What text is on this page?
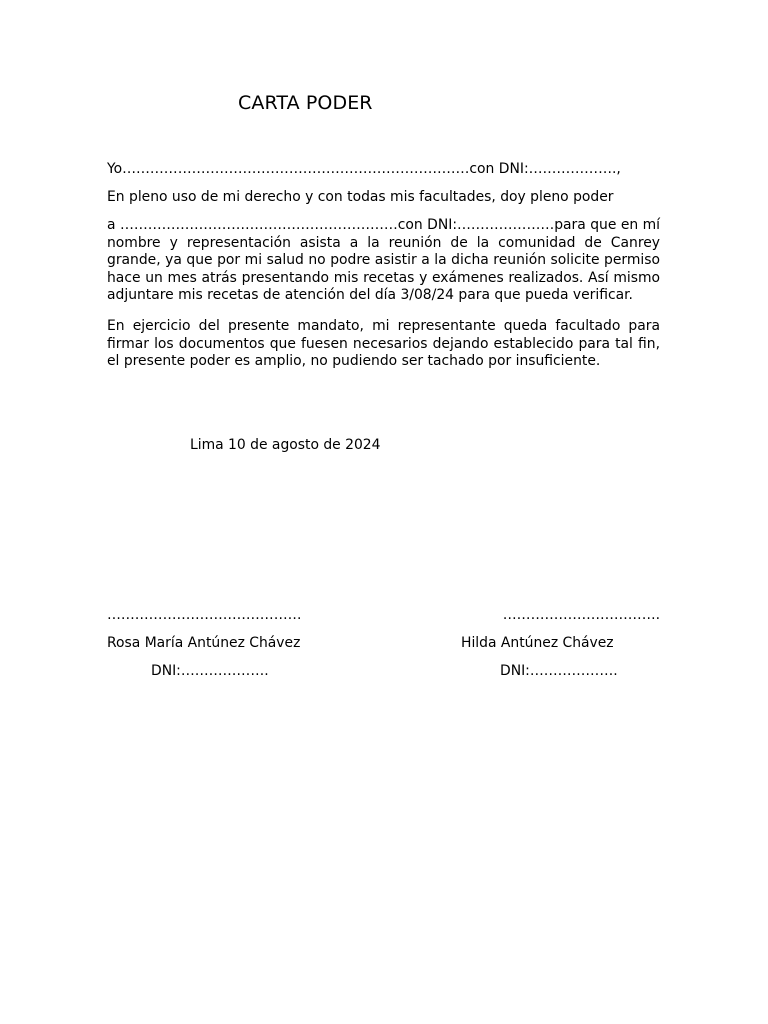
CARTA PODER
Yo…………………………………………………………………con DNI:……………….,
En pleno uso de mi derecho y con todas mis facultades, doy pleno poder
a ……………………………………………………con DNI:…………………para que en mí nombre y representación asista a la reunión de la comunidad de Canrey grande, ya que por mi salud no podre asistir a la dicha reunión solicite permiso hace un mes atrás presentando mis recetas y exámenes realizados. Así mismo adjuntare mis recetas de atención del día 3/08/24 para que pueda verificar.
En ejercicio del presente mandato, mi representante queda facultado para firmar los documentos que fuesen necesarios dejando establecido para tal fin, el presente poder es amplio, no pudiendo ser tachado por insuficiente.
Lima 10 de agosto de 2024
……………………………………
Rosa María Antúnez Chávez
DNI:……………….
…………………………….
Hilda Antúnez Chávez
DNI:……………….
